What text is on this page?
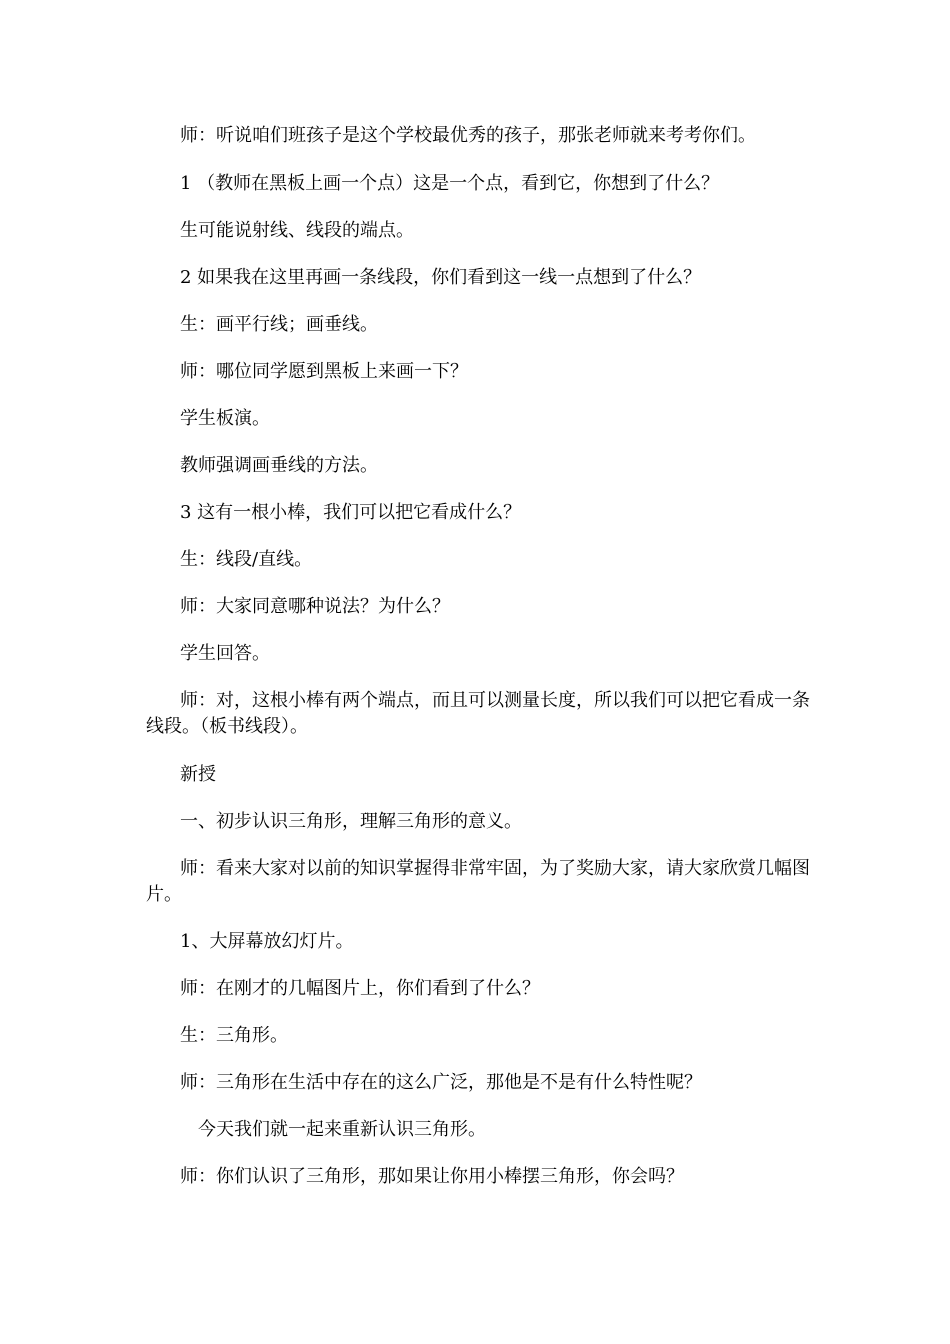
师：听说咱们班孩子是这个学校最优秀的孩子，那张老师就来考考你们。

1 （教师在黑板上画一个点）这是一个点，看到它，你想到了什么？

生可能说射线、线段的端点。

2 如果我在这里再画一条线段，你们看到这一线一点想到了什么？

生：画平行线；画垂线。

师：哪位同学愿到黑板上来画一下？

学生板演。

教师强调画垂线的方法。

3 这有一根小棒，我们可以把它看成什么？

生：线段/直线。

师：大家同意哪种说法？为什么？

学生回答。

师：对，这根小棒有两个端点，而且可以测量长度，所以我们可以把它看成一条线段。（板书线段）。

新授

一、初步认识三角形，理解三角形的意义。

师：看来大家对以前的知识掌握得非常牢固，为了奖励大家，请大家欣赏几幅图片。

1、大屏幕放幻灯片。

师：在刚才的几幅图片上，你们看到了什么？

生：三角形。

师：三角形在生活中存在的这么广泛，那他是不是有什么特性呢？

今天我们就一起来重新认识三角形。

师：你们认识了三角形，那如果让你用小棒摆三角形，你会吗？
